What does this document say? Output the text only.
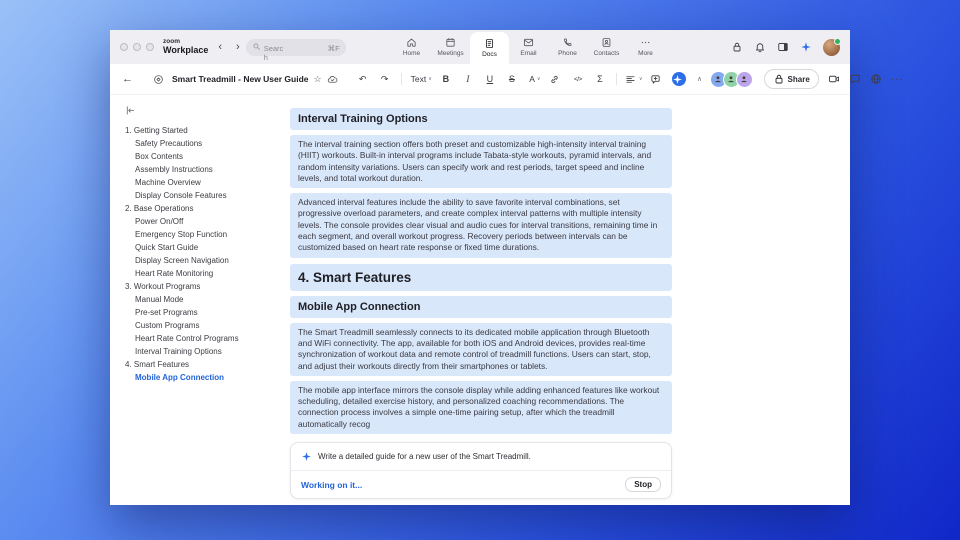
zoom
Workplace ‹ ›	Search
⌘F
Home	Meetings	Docs	Email	Phone	Contacts	More
←	Smart Treadmill - New User Guide ☆	↶ ↷	Text ∨ B I U S A ∨	</> Σ	∨	∧	Share	···
1. Getting Started
Safety Precautions
Box Contents
Assembly Instructions
Machine Overview
Display Console Features
2. Base Operations
Power On/Off
Emergency Stop Function
Quick Start Guide
Display Screen Navigation
Heart Rate Monitoring
3. Workout Programs
Manual Mode
Pre-set Programs
Custom Programs
Heart Rate Control Programs
Interval Training Options
4. Smart Features
Mobile App Connection
Interval Training Options
The interval training section offers both preset and customizable high-intensity interval training (HIIT) workouts. Built-in interval programs include Tabata-style workouts, pyramid intervals, and random intensity variations. Users can specify work and rest periods, target speed and incline levels, and total workout duration.
Advanced interval features include the ability to save favorite interval combinations, set progressive overload parameters, and create complex interval patterns with multiple intensity levels. The console provides clear visual and audio cues for interval transitions, remaining time in each segment, and overall workout progress. Recovery periods between intervals can be customized based on heart rate response or fixed time durations.
4. Smart Features
Mobile App Connection
The Smart Treadmill seamlessly connects to its dedicated mobile application through Bluetooth and WiFi connectivity. The app, available for both iOS and Android devices, provides real-time synchronization of workout data and remote control of treadmill functions. Users can start, stop, and adjust their workouts directly from their smartphones or tablets.
The mobile app interface mirrors the console display while adding enhanced features like workout scheduling, detailed exercise history, and personalized coaching recommendations. The connection process involves a simple one-time pairing setup, after which the treadmill automatically recog
Write a detailed guide for a new user of the Smart Treadmill.
Working on it...	Stop
